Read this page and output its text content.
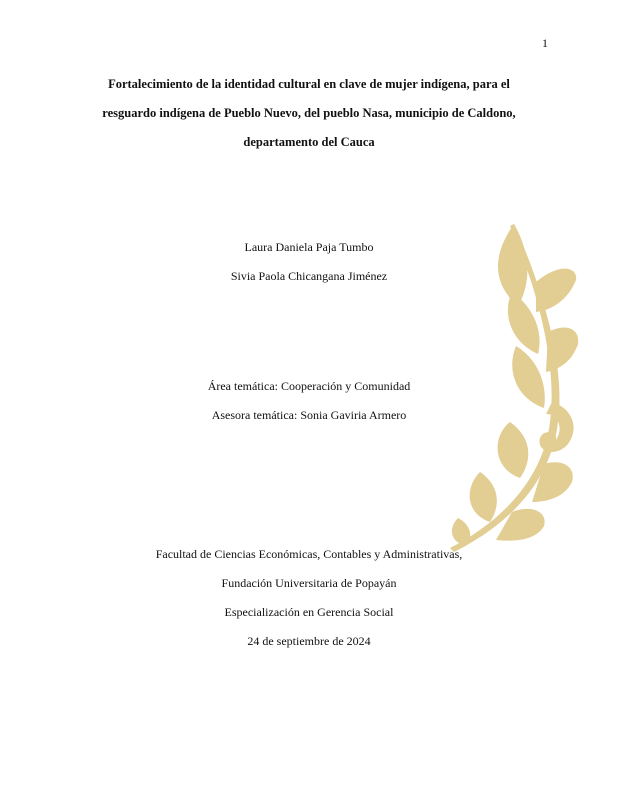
1
Fortalecimiento de la identidad cultural en clave de mujer indígena, para el
resguardo indígena de Pueblo Nuevo, del pueblo Nasa, municipio de Caldono,
departamento del Cauca
Laura Daniela Paja Tumbo
Sivia Paola Chicangana Jiménez
Área temática: Cooperación y Comunidad
Asesora temática: Sonia Gaviria Armero
Facultad de Ciencias Económicas, Contables y Administrativas,
Fundación Universitaria de Popayán
Especialización en Gerencia Social
24 de septiembre de 2024
